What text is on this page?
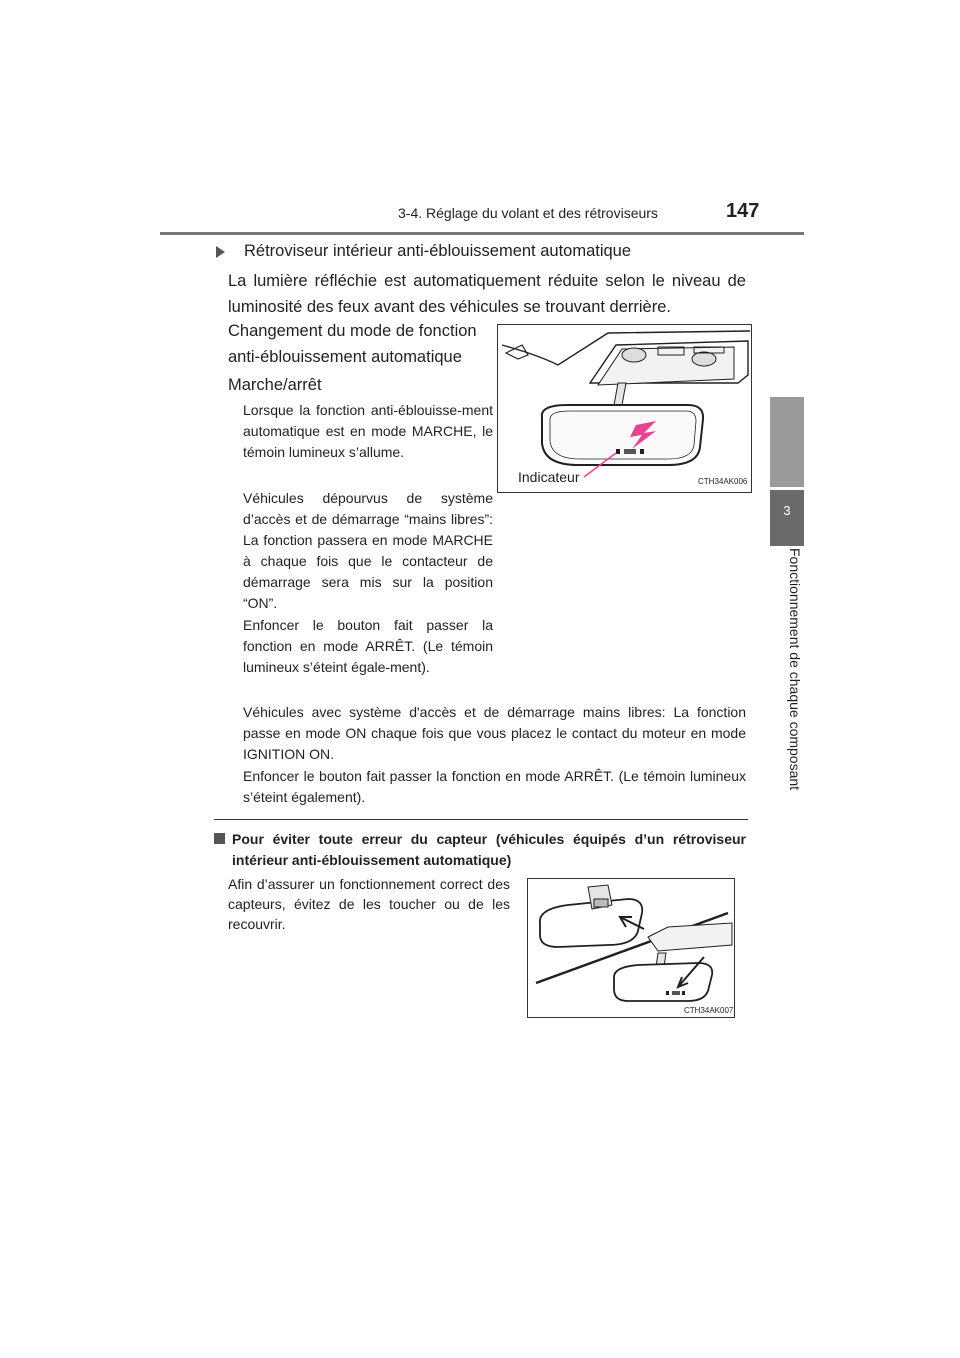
3-4. Réglage du volant et des rétroviseurs	147
3
Fonctionnement de chaque composant
Rétroviseur intérieur anti-éblouissement automatique
La lumière réfléchie est automatiquement réduite selon le niveau de luminosité des feux avant des véhicules se trouvant derrière.
Changement du mode de fonction
anti-éblouissement automatique
Marche/arrêt
Lorsque la fonction anti-éblouisse-ment automatique est en mode MARCHE, le témoin lumineux s’allume.
Véhicules dépourvus de système d’accès et de démarrage “mains libres”: La fonction passera en mode MARCHE à chaque fois que le contacteur de démarrage sera mis sur la position “ON”.
Enfoncer le bouton fait passer la fonction en mode ARRÊT. (Le témoin lumineux s’éteint égale-ment).
Véhicules avec système d'accès et de démarrage mains libres: La fonction passe en mode ON chaque fois que vous placez le contact du moteur en mode IGNITION ON.
Enfoncer le bouton fait passer la fonction en mode ARRÊT. (Le témoin lumineux s’éteint également).
Indicateur	CTH34AK006
Pour éviter toute erreur du capteur (véhicules équipés d’un rétroviseur intérieur anti-éblouissement automatique)
Afin d’assurer un fonctionnement correct des capteurs, évitez de les toucher ou de les recouvrir.
CTH34AK007
